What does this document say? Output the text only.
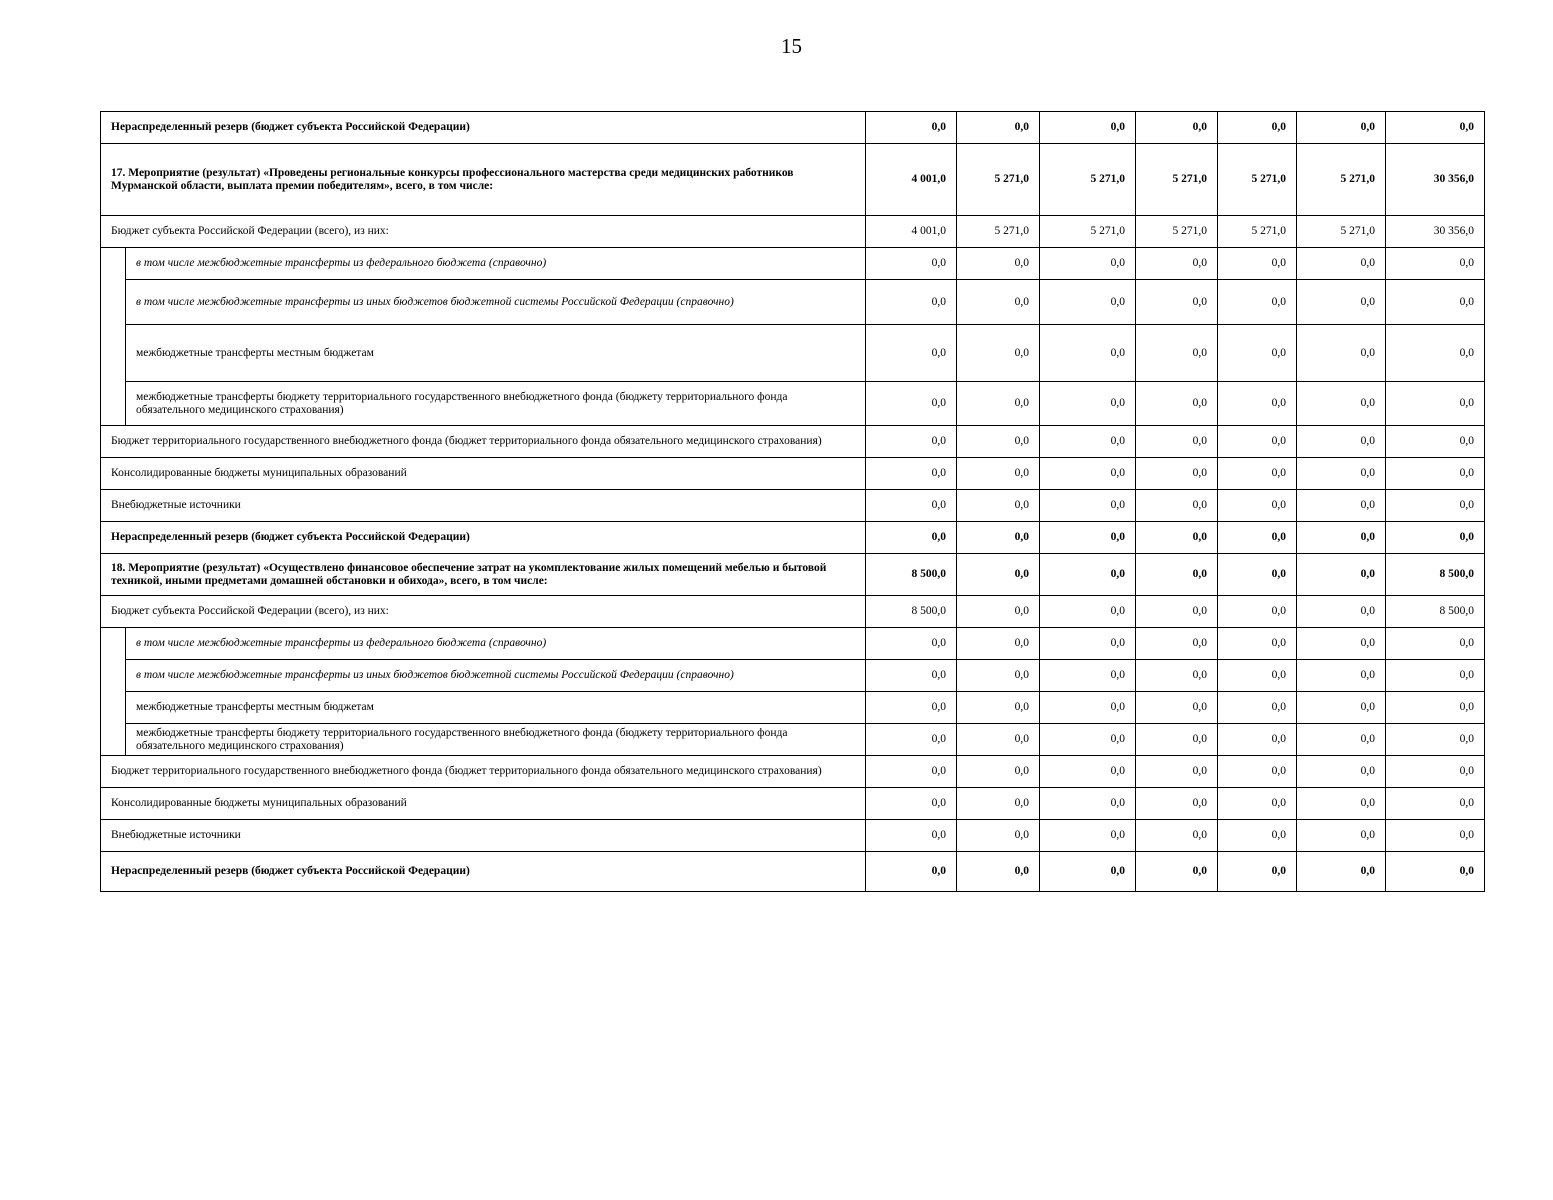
15
Нераспределенный резерв (бюджет субъекта Российской Федерации)		0,0	0,0	0,0	0,0	0,0	0,0	0,0
17. Мероприятие (результат) «Проведены региональные конкурсы профессионального мастерства среди медицинских работников Мурманской области, выплата премии победителям», всего, в том числе:		4 001,0	5 271,0	5 271,0	5 271,0	5 271,0	5 271,0	30 356,0
Бюджет субъекта Российской Федерации (всего), из них:		4 001,0	5 271,0	5 271,0	5 271,0	5 271,0	5 271,0	30 356,0
	в том числе межбюджетные трансферты из федерального бюджета (справочно)	0,0	0,0	0,0	0,0	0,0	0,0	0,0
	в том числе межбюджетные трансферты из иных бюджетов бюджетной системы Российской Федерации (справочно)	0,0	0,0	0,0	0,0	0,0	0,0	0,0
	межбюджетные трансферты местным бюджетам	0,0	0,0	0,0	0,0	0,0	0,0	0,0
	межбюджетные трансферты бюджету территориального государственного внебюджетного фонда (бюджету территориального фонда обязательного медицинского страхования)	0,0	0,0	0,0	0,0	0,0	0,0	0,0
Бюджет территориального государственного внебюджетного фонда (бюджет территориального фонда обязательного медицинского страхования)		0,0	0,0	0,0	0,0	0,0	0,0	0,0
Консолидированные бюджеты муниципальных образований		0,0	0,0	0,0	0,0	0,0	0,0	0,0
Внебюджетные источники		0,0	0,0	0,0	0,0	0,0	0,0	0,0
Нераспределенный резерв (бюджет субъекта Российской Федерации)		0,0	0,0	0,0	0,0	0,0	0,0	0,0
18. Мероприятие (результат) «Осуществлено финансовое обеспечение затрат на укомплектование жилых помещений мебелью и бытовой техникой, иными предметами домашней обстановки и обихода», всего, в том числе:		8 500,0	0,0	0,0	0,0	0,0	0,0	8 500,0
Бюджет субъекта Российской Федерации (всего), из них:		8 500,0	0,0	0,0	0,0	0,0	0,0	8 500,0
	в том числе межбюджетные трансферты из федерального бюджета (справочно)	0,0	0,0	0,0	0,0	0,0	0,0	0,0
	в том числе межбюджетные трансферты из иных бюджетов бюджетной системы Российской Федерации (справочно)	0,0	0,0	0,0	0,0	0,0	0,0	0,0
	межбюджетные трансферты местным бюджетам	0,0	0,0	0,0	0,0	0,0	0,0	0,0
	межбюджетные трансферты бюджету территориального государственного внебюджетного фонда (бюджету территориального фонда обязательного медицинского страхования)	0,0	0,0	0,0	0,0	0,0	0,0	0,0
Бюджет территориального государственного внебюджетного фонда (бюджет территориального фонда обязательного медицинского страхования)		0,0	0,0	0,0	0,0	0,0	0,0	0,0
Консолидированные бюджеты муниципальных образований		0,0	0,0	0,0	0,0	0,0	0,0	0,0
Внебюджетные источники		0,0	0,0	0,0	0,0	0,0	0,0	0,0
Нераспределенный резерв (бюджет субъекта Российской Федерации)		0,0	0,0	0,0	0,0	0,0	0,0	0,0
